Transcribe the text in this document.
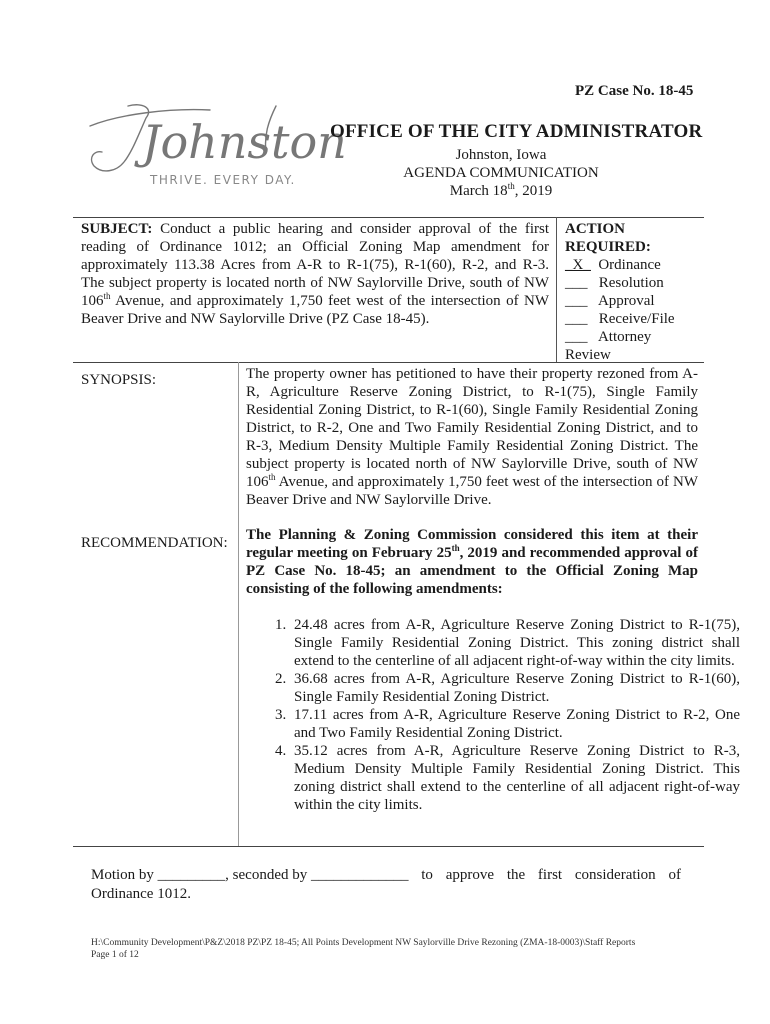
PZ Case No. 18-45
Johnston
THRIVE. EVERY DAY.
OFFICE OF THE CITY ADMINISTRATOR
Johnston, Iowa
AGENDA COMMUNICATION
March 18th, 2019
SUBJECT: Conduct a public hearing and consider approval of the first reading of Ordinance 1012; an Official Zoning Map amendment for approximately 113.38 Acres from A-R to R-1(75), R-1(60), R-2, and R-3. The subject property is located north of NW Saylorville Drive, south of NW 106th Avenue, and approximately 1,750 feet west of the intersection of NW Beaver Drive and NW Saylorville Drive (PZ Case 18-45).
ACTION
REQUIRED:
_X_ Ordinance
___ Resolution
___ Approval
___ Receive/File
___ Attorney
Review
SYNOPSIS:	The property owner has petitioned to have their property rezoned from A-R, Agriculture Reserve Zoning District, to R-1(75), Single Family Residential Zoning District, to R-1(60), Single Family Residential Zoning District, to R-2, One and Two Family Residential Zoning District, and to R-3, Medium Density Multiple Family Residential Zoning District. The subject property is located north of NW Saylorville Drive, south of NW 106th Avenue, and approximately 1,750 feet west of the intersection of NW Beaver Drive and NW Saylorville Drive.
RECOMMENDATION: The Planning & Zoning Commission considered this item at their regular meeting on February 25th, 2019 and recommended approval of PZ Case No. 18-45; an amendment to the Official Zoning Map consisting of the following amendments:
1. 24.48 acres from A-R, Agriculture Reserve Zoning District to R-1(75), Single Family Residential Zoning District. This zoning district shall extend to the centerline of all adjacent right-of-way within the city limits.
2. 36.68 acres from A-R, Agriculture Reserve Zoning District to R-1(60), Single Family Residential Zoning District.
3. 17.11 acres from A-R, Agriculture Reserve Zoning District to R-2, One and Two Family Residential Zoning District.
4. 35.12 acres from A-R, Agriculture Reserve Zoning District to R-3, Medium Density Multiple Family Residential Zoning District. This zoning district shall extend to the centerline of all adjacent right-of-way within the city limits.
Motion by _________, seconded by _____________ to approve the first consideration of
Ordinance 1012.
H:\Community Development\P&Z\2018 PZ\PZ 18-45; All Points Development NW Saylorville Drive Rezoning (ZMA-18-0003)\Staff Reports
Page 1 of 12
